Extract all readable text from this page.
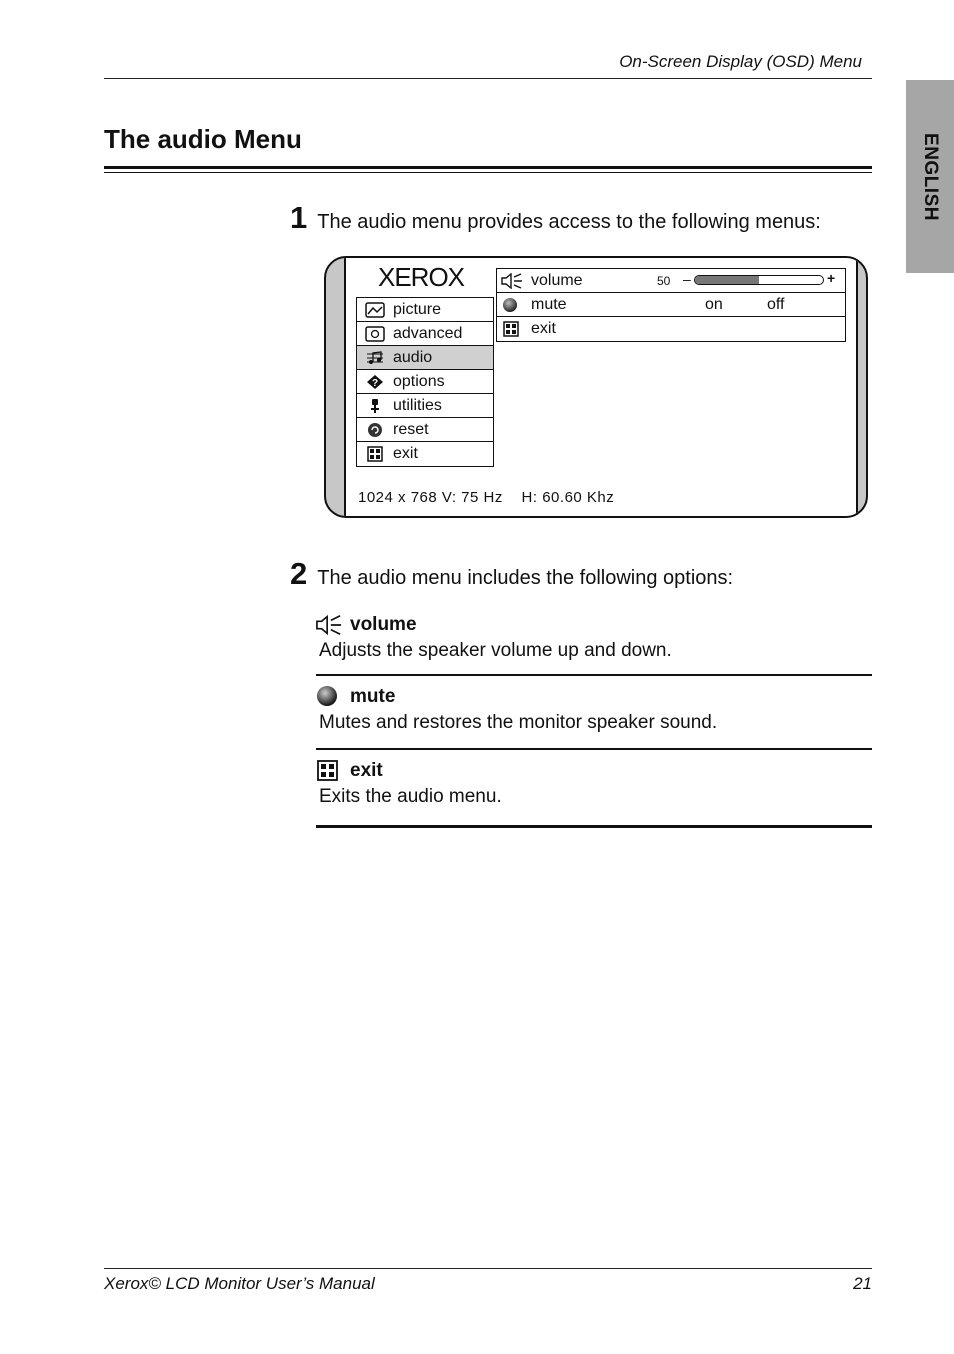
On-Screen Display (OSD) Menu
ENGLISH
The audio Menu
1 The audio menu provides access to the following menus:
XEROX
picture
advanced
audio
? options
utilities
reset
exit
volume	50 –	+
mute	on	off
exit
1024 x 768 V: 75 Hz H: 60.60 Khz
2 The audio menu includes the following options:
volume
Adjusts the speaker volume up and down.
mute
Mutes and restores the monitor speaker sound.
exit
Exits the audio menu.
Xerox© LCD Monitor User’s Manual	21
